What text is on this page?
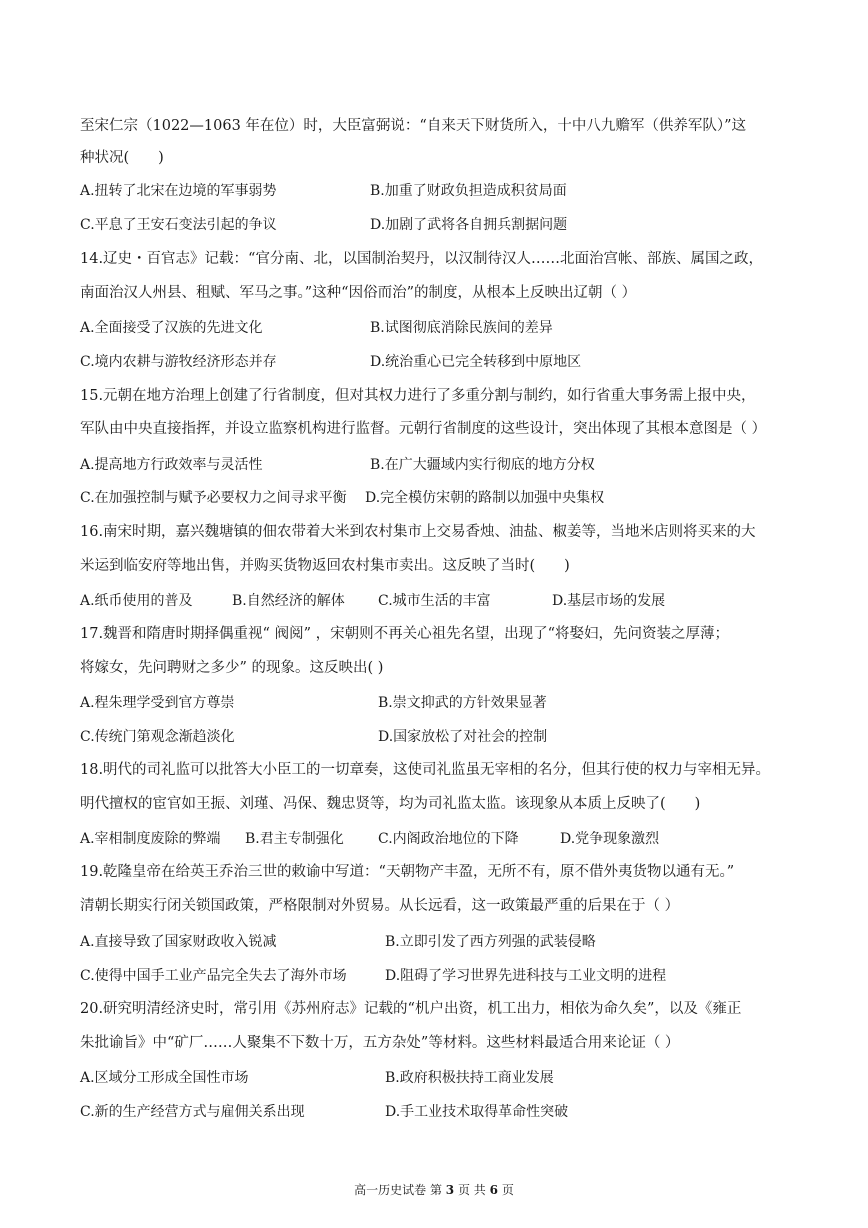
至宋仁宗（1022—1063 年在位）时，大臣富弼说：“自来天下财货所入，十中八九赡军（供养军队）”这
种状况(　　)
A.扭转了北宋在边境的军事弱势	B.加重了财政负担造成积贫局面
C.平息了王安石变法引起的争议	D.加剧了武将各自拥兵割据问题
14.辽史・百官志》记载：“官分南、北，以国制治契丹，以汉制待汉人……北面治宫帐、部族、属国之政，
南面治汉人州县、租赋、军马之事。”这种“因俗而治”的制度，从根本上反映出辽朝（ ）
A.全面接受了汉族的先进文化	B.试图彻底消除民族间的差异
C.境内农耕与游牧经济形态并存	D.统治重心已完全转移到中原地区
15.元朝在地方治理上创建了行省制度，但对其权力进行了多重分割与制约，如行省重大事务需上报中央，
军队由中央直接指挥，并设立监察机构进行监督。元朝行省制度的这些设计，突出体现了其根本意图是（ ）
A.提高地方行政效率与灵活性	B.在广大疆域内实行彻底的地方分权
C.在加强控制与赋予必要权力之间寻求平衡 D.完全模仿宋朝的路制以加强中央集权
16.南宋时期，嘉兴魏塘镇的佃农带着大米到农村集市上交易香烛、油盐、椒姜等，当地米店则将买来的大
米运到临安府等地出售，并购买货物返回农村集市卖出。这反映了当时(　　)
A.纸币使用的普及	B.自然经济的解体 C.城市生活的丰富	D.基层市场的发展
17.魏晋和隋唐时期择偶重视“ 阀阅” ，宋朝则不再关心祖先名望，出现了“将娶妇，先问资装之厚薄；
将嫁女，先问聘财之多少” 的现象。这反映出( )
A.程朱理学受到官方尊崇	B.崇文抑武的方针效果显著
C.传统门第观念渐趋淡化	D.国家放松了对社会的控制
18.明代的司礼监可以批答大小臣工的一切章奏，这使司礼监虽无宰相的名分，但其行使的权力与宰相无异。
明代擅权的宦官如王振、刘瑾、冯保、魏忠贤等，均为司礼监太监。该现象从本质上反映了(　　)
A.宰相制度废除的弊端 B.君主专制强化 C.内阁政治地位的下降	D.党争现象激烈
19.乾隆皇帝在给英王乔治三世的敕谕中写道：“天朝物产丰盈，无所不有，原不借外夷货物以通有无。”
清朝长期实行闭关锁国政策，严格限制对外贸易。从长远看，这一政策最严重的后果在于（ ）
A.直接导致了国家财政收入锐减	B.立即引发了西方列强的武装侵略
C.使得中国手工业产品完全失去了海外市场	D.阻碍了学习世界先进科技与工业文明的进程
20.研究明清经济史时，常引用《苏州府志》记载的“机户出资，机工出力，相依为命久矣”，以及《雍正
朱批谕旨》中“矿厂……人聚集不下数十万，五方杂处”等材料。这些材料最适合用来论证（ ）
A.区域分工形成全国性市场	B.政府积极扶持工商业发展
C.新的生产经营方式与雇佣关系出现	D.手工业技术取得革命性突破
高一历史试卷 第 3 页 共 6 页
